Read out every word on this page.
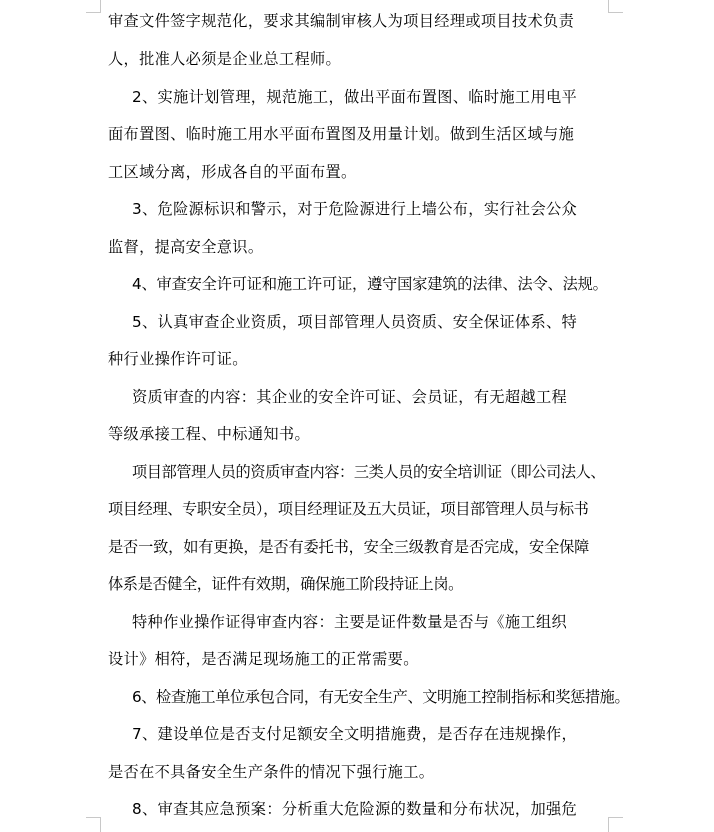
审查文件签字规范化，要求其编制审核人为项目经理或项目技术负责
人，批准人必须是企业总工程师。
2、实施计划管理，规范施工，做出平面布置图、临时施工用电平
面布置图、临时施工用水平面布置图及用量计划。做到生活区域与施
工区域分离，形成各自的平面布置。
3、危险源标识和警示，对于危险源进行上墙公布，实行社会公众
监督，提高安全意识。
4、审查安全许可证和施工许可证，遵守国家建筑的法律、法令、法规。
5、认真审查企业资质，项目部管理人员资质、安全保证体系、特
种行业操作许可证。
资质审查的内容：其企业的安全许可证、会员证，有无超越工程
等级承接工程、中标通知书。
项目部管理人员的资质审查内容：三类人员的安全培训证（即公司法人、
项目经理、专职安全员），项目经理证及五大员证，项目部管理人员与标书
是否一致，如有更换，是否有委托书，安全三级教育是否完成，安全保障
体系是否健全，证件有效期，确保施工阶段持证上岗。
特种作业操作证得审查内容：主要是证件数量是否与《施工组织
设计》相符，是否满足现场施工的正常需要。
6、检查施工单位承包合同，有无安全生产、文明施工控制指标和奖惩措施。
7、建设单位是否支付足额安全文明措施费，是否存在违规操作，
是否在不具备安全生产条件的情况下强行施工。
8、审查其应急预案：分析重大危险源的数量和分布状况，加强危
